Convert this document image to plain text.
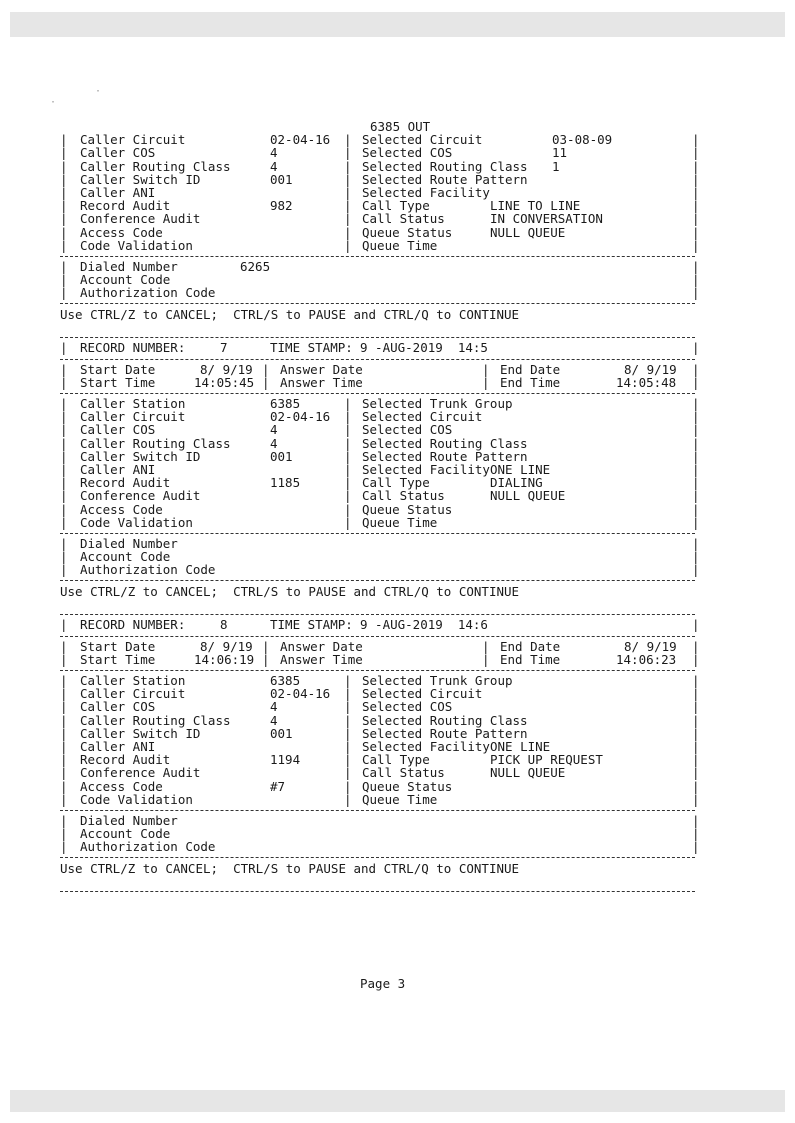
·
·

6385 OUT

| Caller Circuit	02-04-16 | Selected Circuit	03-08-09	|
| Caller COS	4	| Selected COS	11	|
| Caller Routing Class	4	| Selected Routing Class 1	|
| Caller Switch ID	001	| Selected Route Pattern	|
| Caller ANI	| Selected Facility	|
| Record Audit	982	| Call Type	LINE TO LINE	|
| Conference Audit	| Call Status	IN CONVERSATION	|
| Access Code	| Queue Status	NULL QUEUE	|
| Code Validation	| Queue Time	|
| Dialed Number	6265	|
| Account Code	|
| Authorization Code	|
Use CTRL/Z to CANCEL;  CTRL/S to PAUSE and CTRL/Q to CONTINUE
| RECORD NUMBER:	7	TIME STAMP: 9 -AUG-2019  14:5	|
| Start Date	8/ 9/19 | Answer Date	| End Date	8/ 9/19 |
| Start Time	14:05:45 | Answer Time	| End Time	14:05:48 |
| Caller Station	6385	| Selected Trunk Group	|
| Caller Circuit	02-04-16 | Selected Circuit	|
| Caller COS	4	| Selected COS	|
| Caller Routing Class	4	| Selected Routing Class	|
| Caller Switch ID	001	| Selected Route Pattern	|
| Caller ANI	| Selected Facility ONE LINE	|
| Record Audit	1185	| Call Type	DIALING	|
| Conference Audit	| Call Status	NULL QUEUE	|
| Access Code	| Queue Status	|
| Code Validation	| Queue Time	|
| Dialed Number	|
| Account Code	|
| Authorization Code	|
Use CTRL/Z to CANCEL;  CTRL/S to PAUSE and CTRL/Q to CONTINUE
| RECORD NUMBER:	8	TIME STAMP: 9 -AUG-2019  14:6	|
| Start Date	8/ 9/19 | Answer Date	| End Date	8/ 9/19 |
| Start Time	14:06:19 | Answer Time	| End Time	14:06:23 |
| Caller Station	6385	| Selected Trunk Group	|
| Caller Circuit	02-04-16 | Selected Circuit	|
| Caller COS	4	| Selected COS	|
| Caller Routing Class	4	| Selected Routing Class	|
| Caller Switch ID	001	| Selected Route Pattern	|
| Caller ANI	| Selected Facility ONE LINE	|
| Record Audit	1194	| Call Type	PICK UP REQUEST	|
| Conference Audit	| Call Status	NULL QUEUE	|
| Access Code	#7	| Queue Status	|
| Code Validation	| Queue Time	|
| Dialed Number	|
| Account Code	|
| Authorization Code	|
Use CTRL/Z to CANCEL;  CTRL/S to PAUSE and CTRL/Q to CONTINUE
Page 3
